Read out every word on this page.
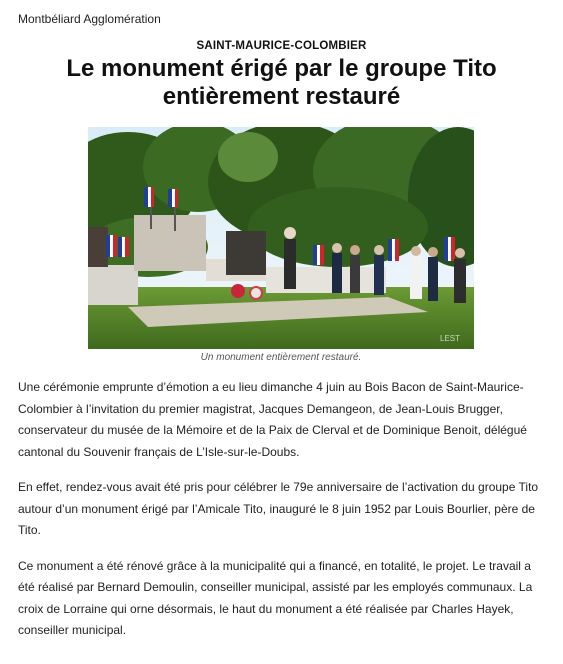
Montbéliard Agglomération
SAINT-MAURICE-COLOMBIER
Le monument érigé par le groupe Tito
entièrement restauré
LEST
Un monument entièrement restauré.

Une cérémonie emprunte d’émotion a eu lieu dimanche 4 juin au Bois Bacon de Saint-Maurice-Colombier à l’invitation du premier magistrat, Jacques Demangeon, de Jean-Louis Brugger, conservateur du musée de la Mémoire et de la Paix de Clerval et de Dominique Benoit, délégué cantonal du Souvenir français de L’Isle-sur-le-Doubs.

En effet, rendez-vous avait été pris pour célébrer le 79e anniversaire de l’activation du groupe Tito autour d’un monument érigé par l’Amicale Tito, inauguré le 8 juin 1952 par Louis Bourlier, père de Tito.

Ce monument a été rénové grâce à la municipalité qui a financé, en totalité, le projet. Le travail a été réalisé par Bernard Demoulin, conseiller municipal, assisté par les employés communaux. La croix de Lorraine qui orne désormais, le haut du monument a été réalisée par Charles Hayek, conseiller municipal.
